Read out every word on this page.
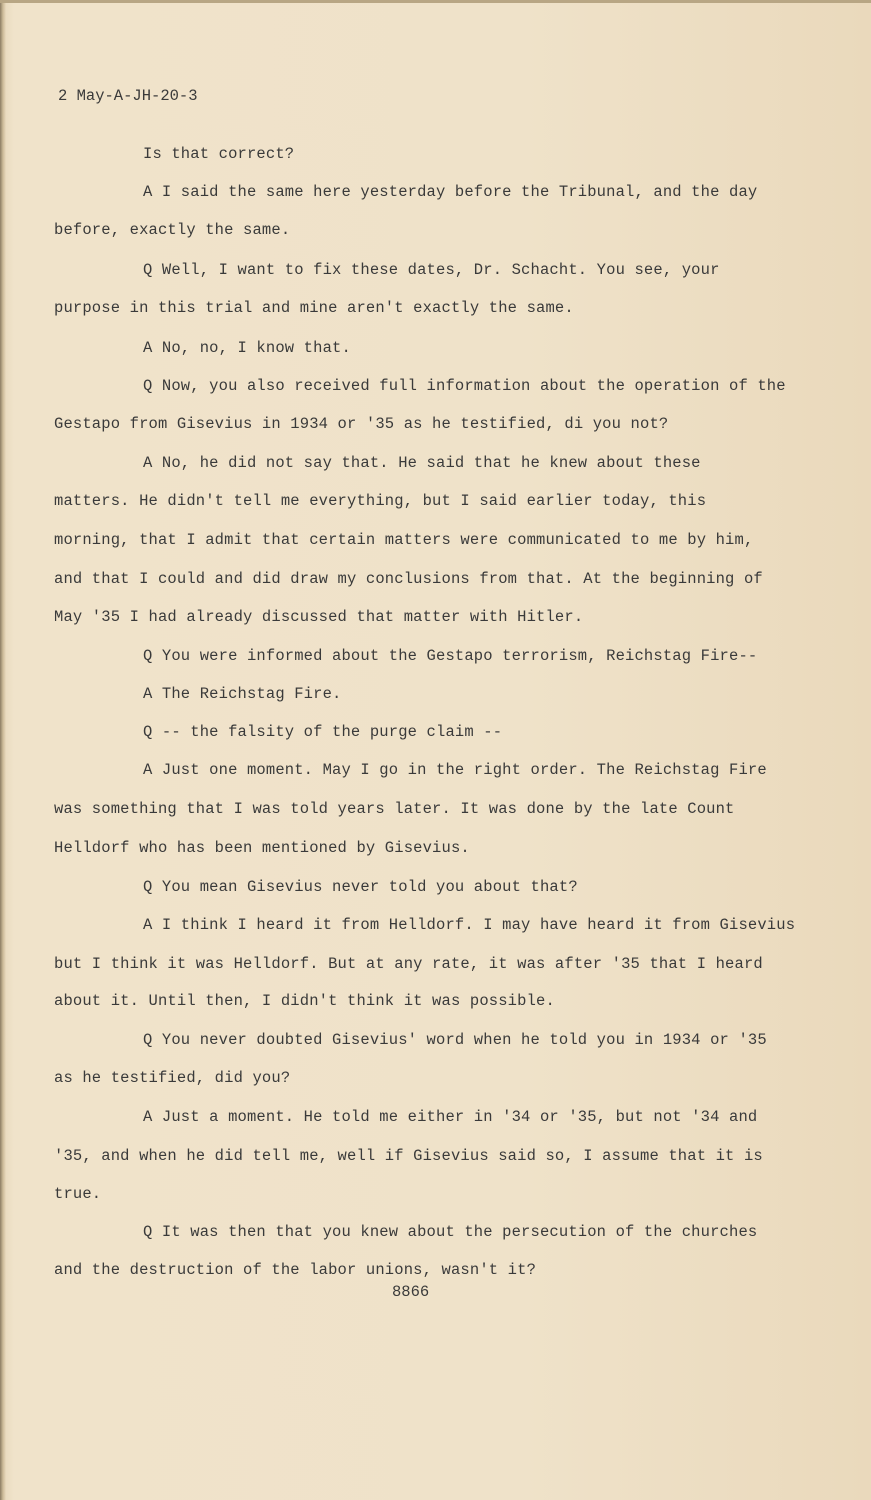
2 May-A-JH-20-3
Is that correct?
A I said the same here yesterday before the Tribunal, and the day
before, exactly the same.
Q Well, I want to fix these dates, Dr. Schacht. You see, your
purpose in this trial and mine aren't exactly the same.
A No, no, I know that.
Q Now, you also received full information about the operation of the
Gestapo from Gisevius in 1934 or '35 as he testified, di you not?
A No, he did not say that. He said that he knew about these
matters. He didn't tell me everything, but I said earlier today, this
morning, that I admit that certain matters were communicated to me by him,
and that I could and did draw my conclusions from that. At the beginning of
May '35 I had already discussed that matter with Hitler.
Q You were informed about the Gestapo terrorism, Reichstag Fire--
A The Reichstag Fire.
Q -- the falsity of the purge claim --
A Just one moment. May I go in the right order. The Reichstag Fire
was something that I was told years later. It was done by the late Count
Helldorf who has been mentioned by Gisevius.
Q You mean Gisevius never told you about that?
A I think I heard it from Helldorf. I may have heard it from Gisevius
but I think it was Helldorf. But at any rate, it was after '35 that I heard
about it. Until then, I didn't think it was possible.
Q You never doubted Gisevius' word when he told you in 1934 or '35
as he testified, did you?
A Just a moment. He told me either in '34 or '35, but not '34 and
'35, and when he did tell me, well if Gisevius said so, I assume that it is
true.
Q It was then that you knew about the persecution of the churches
and the destruction of the labor unions, wasn't it?
8866
